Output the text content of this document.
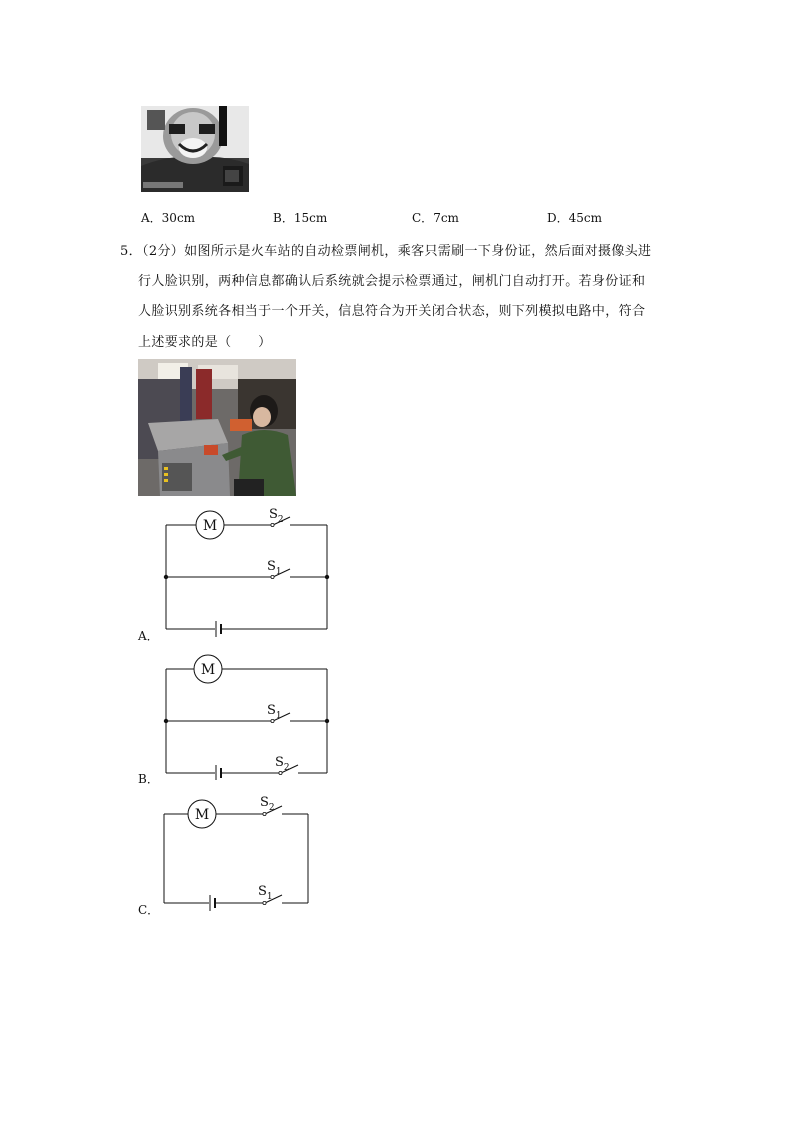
A．30cm	B．15cm	C．7cm	D．45cm
5．（2分）如图所示是火车站的自动检票闸机，乘客只需刷一下身份证，然后面对摄像头进
行人脸识别，两种信息都确认后系统就会提示检票通过，闸机门自动打开。若身份证和
人脸识别系统各相当于一个开关，信息符合为开关闭合状态，则下列模拟电路中，符合
上述要求的是（　　）
M
$S_2$
$S_1$
A．
M
$S_1$
$S_2$
B．
M
$S_2$
$S_1$
C．
